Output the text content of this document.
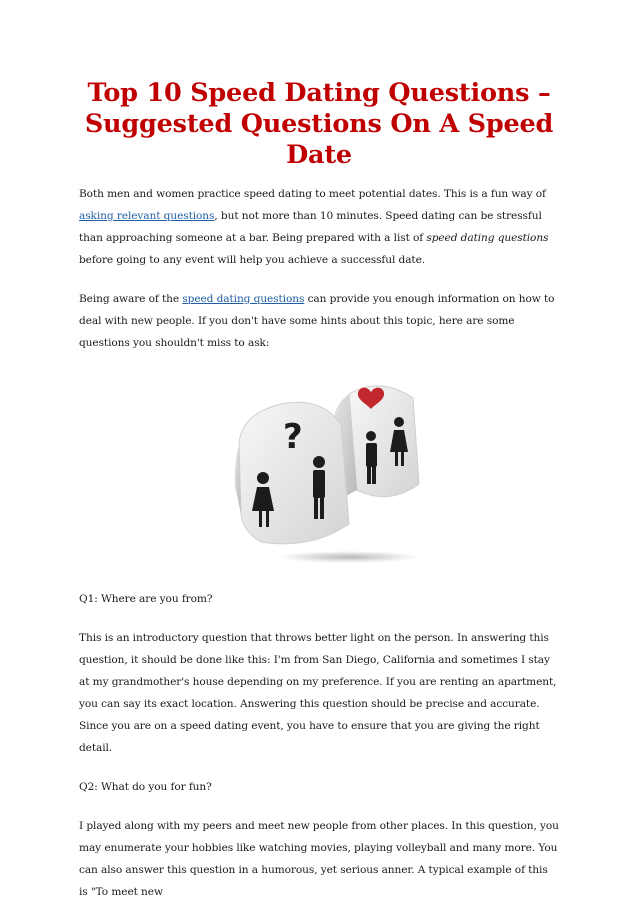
Top 10 Speed Dating Questions – Suggested Questions On A Speed Date

Both men and women practice speed dating to meet potential dates. This is a fun way of asking relevant questions, but not more than 10 minutes. Speed dating can be stressful than approaching someone at a bar. Being prepared with a list of speed dating questions before going to any event will help you achieve a successful date.

Being aware of the speed dating questions can provide you enough information on how to deal with new people. If you don't have some hints about this topic, here are some questions you shouldn't miss to ask:

?

Q1: Where are you from?

This is an introductory question that throws better light on the person. In answering this question, it should be done like this: I'm from San Diego, California and sometimes I stay at my grandmother's house depending on my preference. If you are renting an apartment, you can say its exact location. Answering this question should be precise and accurate. Since you are on a speed dating event, you have to ensure that you are giving the right detail.

Q2: What do you for fun?

I played along with my peers and meet new people from other places. In this question, you may enumerate your hobbies like watching movies, playing volleyball and many more. You can also answer this question in a humorous, yet serious anner. A typical example of this is "To meet new
